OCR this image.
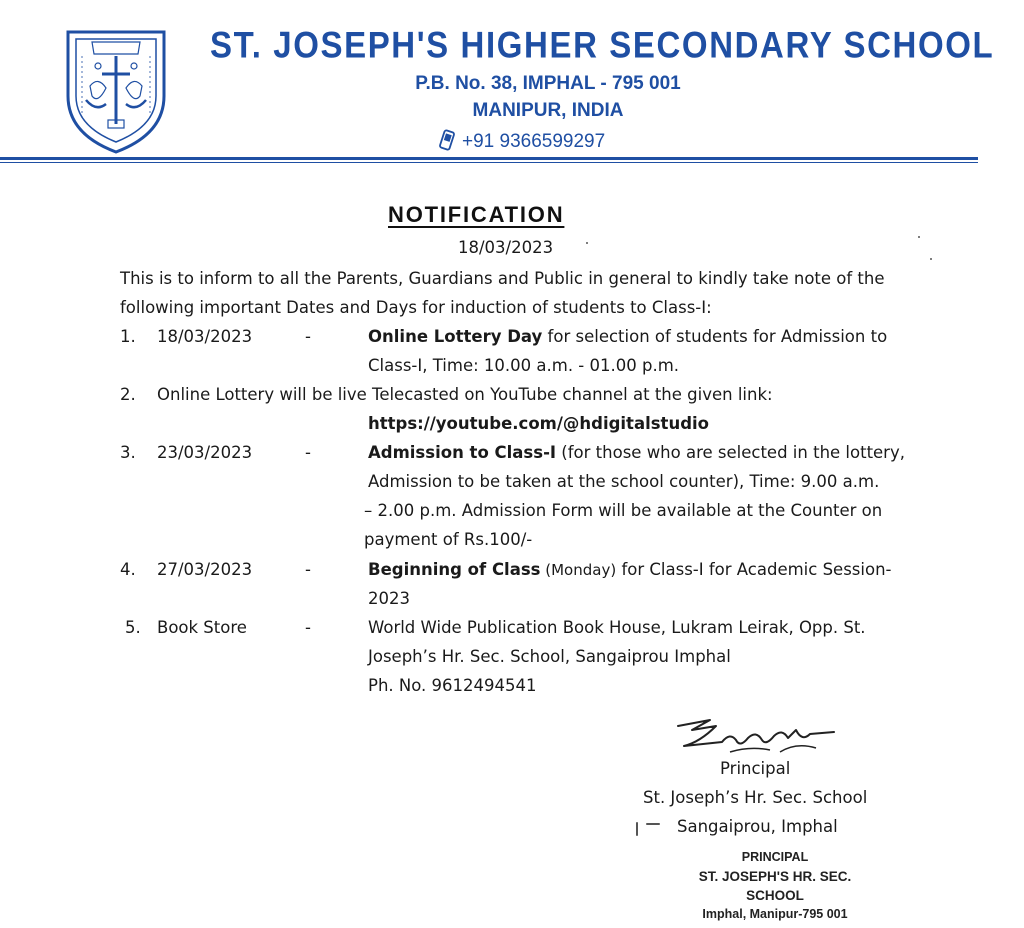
ST. JOSEPH'S HIGHER SECONDARY SCHOOL
P.B. No. 38, IMPHAL - 795 001
MANIPUR, INDIA
+91 9366599297
NOTIFICATION
18/03/2023
This is to inform to all the Parents, Guardians and Public in general to kindly take note of the
following important Dates and Days for induction of students to Class-I:
1. 18/03/2023	-	Online Lottery Day for selection of students for Admission to
Class-I, Time: 10.00 a.m. - 01.00 p.m.
2. Online Lottery will be live Telecasted on YouTube channel at the given link:
https://youtube.com/@hdigitalstudio
3. 23/03/2023	-	Admission to Class-I (for those who are selected in the lottery,
Admission to be taken at the school counter), Time: 9.00 a.m.
– 2.00 p.m. Admission Form will be available at the Counter on
payment of Rs.100/-
4. 27/03/2023	-	Beginning of Class (Monday) for Class-I for Academic Session-
2023
5. Book Store	-	World Wide Publication Book House, Lukram Leirak, Opp. St.
Joseph’s Hr. Sec. School, Sangaiprou Imphal
Ph. No. 9612494541
Principal
St. Joseph’s Hr. Sec. School
Sangaiprou, Imphal
PRINCIPAL
ST. JOSEPH'S HR. SEC. SCHOOL
Imphal, Manipur-795 001
